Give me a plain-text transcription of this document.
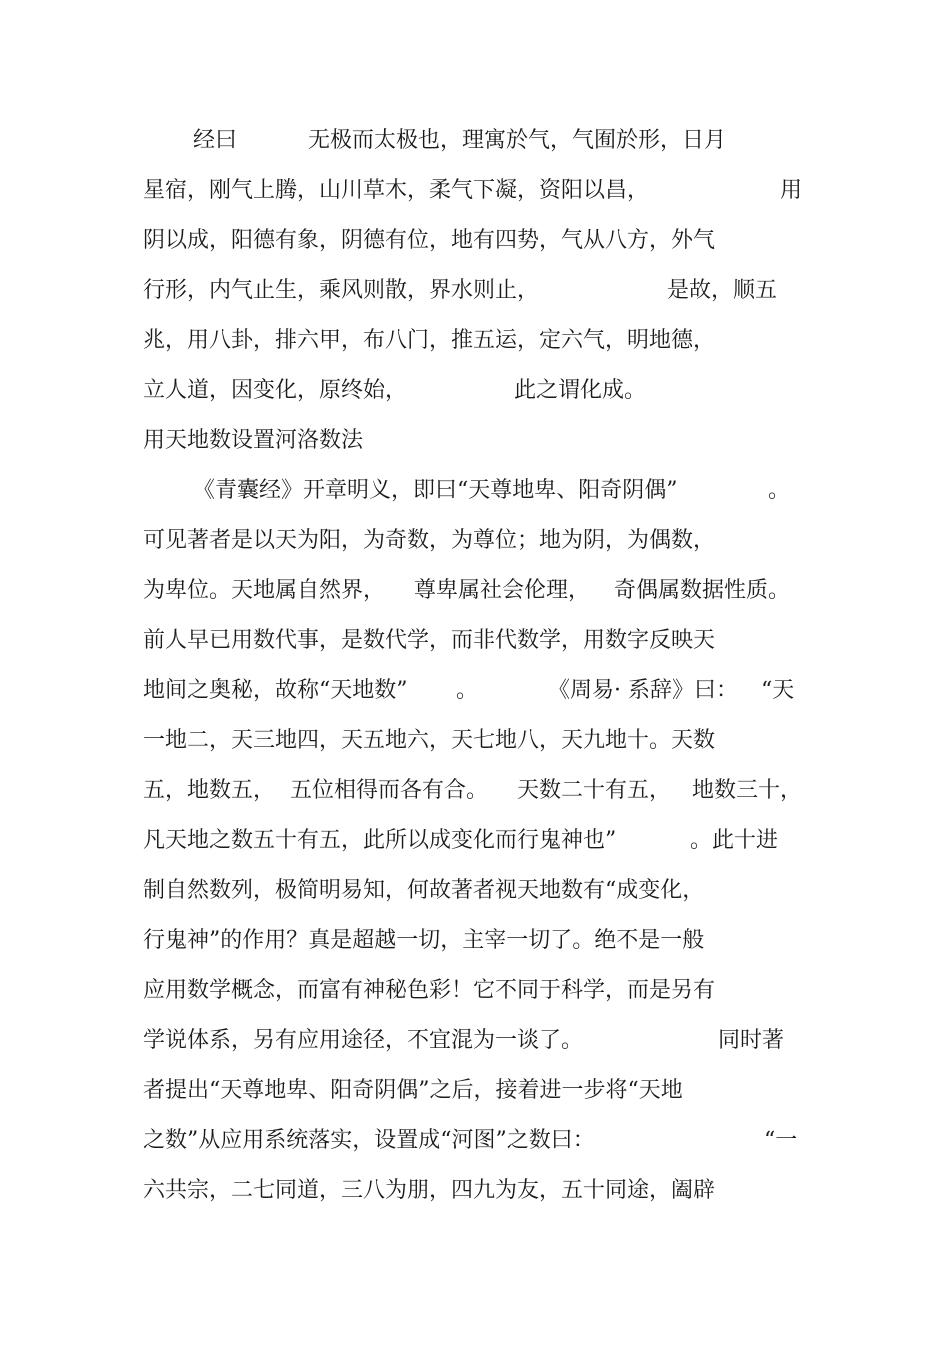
经曰

	无极而太极也，理寓於气，气囿於形，日月

星宿，刚气上腾，山川草木，柔气下凝，资阳以昌，

	用

阴以成，阳德有象，阴德有位，地有四势，气从八方，外气

行形，内气止生，乘风则散，界水则止，

	是故，顺五

兆，用八卦，排六甲，布八门，推五运，定六气，明地德，

立人道，因变化，原终始，

	此之谓化成。

用天地数设置河洛数法

《青囊经》开章明义，即曰“天尊地卑、阳奇阴偶”

	。

可见著者是以天为阳，为奇数，为尊位；地为阴，为偶数，

为卑位。天地属自然界，

尊卑属社会伦理，

奇偶属数据性质。

前人早已用数代事，是数代学，而非代数学，用数字反映天

地间之奥秘，故称“天地数”

。

	《周易· 系辞》曰：

“天

一地二，天三地四，天五地六，天七地八，天九地十。天数

五，地数五，

五位相得而各有合。

天数二十有五，

地数三十，

凡天地之数五十有五，此所以成变化而行鬼神也”

	。此十进

制自然数列，极简明易知，何故著者视天地数有“成变化，

行鬼神”的作用？真是超越一切，主宰一切了。绝不是一般

应用数学概念，而富有神秘色彩！它不同于科学，而是另有

学说体系，另有应用途径，不宜混为一谈了。

	同时著

者提出“天尊地卑、阳奇阴偶”之后，接着进一步将“天地

之数”从应用系统落实，设置成“河图”之数曰：

	“一

六共宗，二七同道，三八为朋，四九为友，五十同途，阖辟
